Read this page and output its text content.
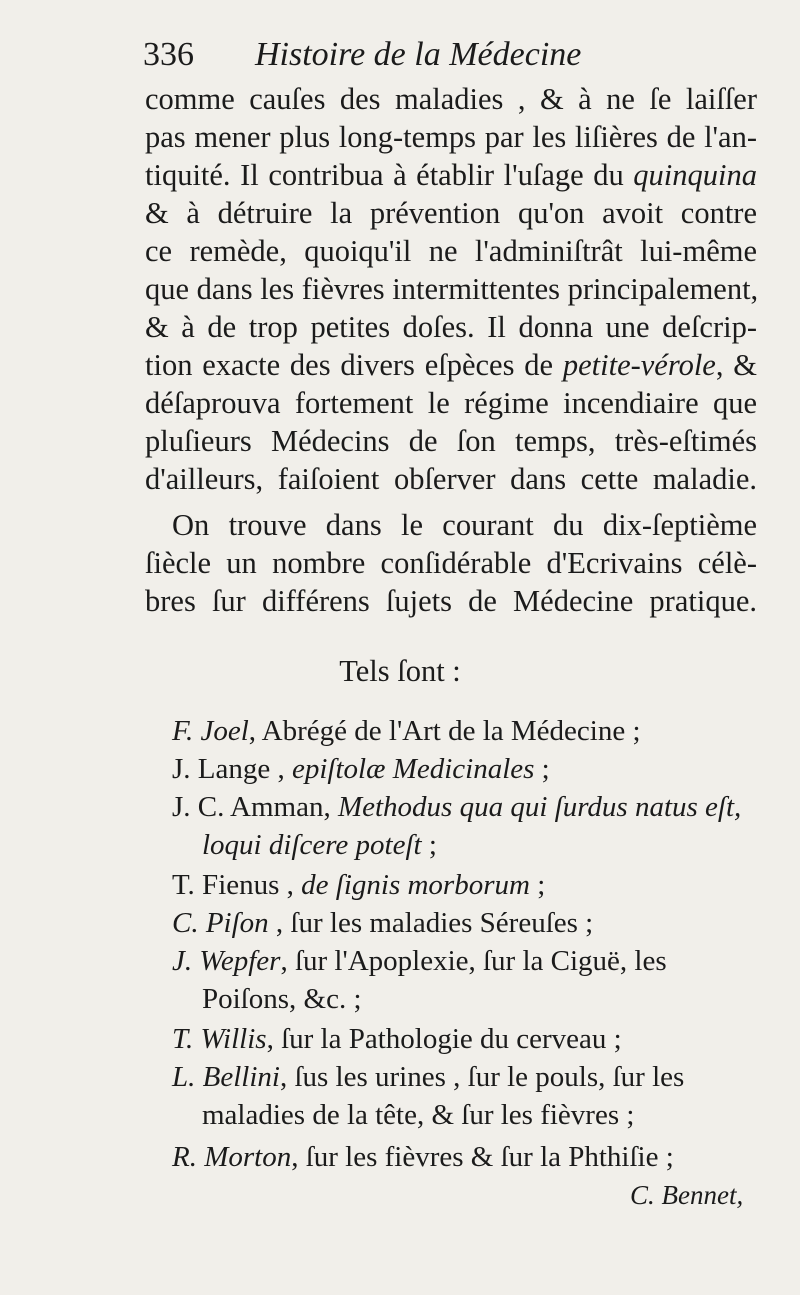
336 Histoire de la Médecine
comme cauſes des maladies , & à ne ſe laiſſer
pas mener plus long-temps par les liſières de l'an-
tiquité. Il contribua à établir l'uſage du quinquina
& à détruire la prévention qu'on avoit contre
ce remède, quoiqu'il ne l'adminiſtrât lui-même
que dans les fièvres intermittentes principalement,
& à de trop petites doſes. Il donna une deſcrip-
tion exacte des divers eſpèces de petite-vérole, &
déſaprouva fortement le régime incendiaire que
pluſieurs Médecins de ſon temps, très-eſtimés
d'ailleurs, faiſoient obſerver dans cette maladie.
On trouve dans le courant du dix-ſeptième
ſiècle un nombre conſidérable d'Ecrivains célè-
bres ſur différens ſujets de Médecine pratique.
Tels ſont :
F. Joel, Abrégé de l'Art de la Médecine ;
J. Lange , epiſtolæ Medicinales ;
J. C. Amman, Methodus qua qui ſurdus natus eſt,
loqui diſcere poteſt ;
T. Fienus , de ſignis morborum ;
C. Piſon , ſur les maladies Séreuſes ;
J. Wepfer, ſur l'Apoplexie, ſur la Ciguë, les
Poiſons, &c. ;
T. Willis, ſur la Pathologie du cerveau ;
L. Bellini, ſus les urines , ſur le pouls, ſur les
maladies de la tête, & ſur les fièvres ;
R. Morton, ſur les fièvres & ſur la Phthiſie ;
C. Bennet,
